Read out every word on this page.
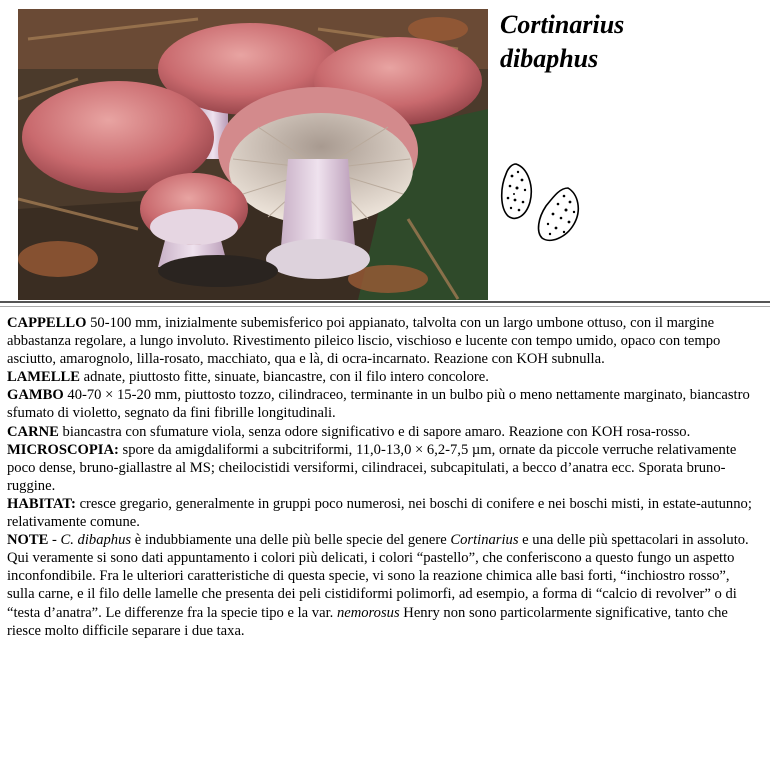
Cortinarius
dibaphus

CAPPELLO 50-100 mm, inizialmente subemisferico poi appianato, talvolta con un largo umbone ottuso, con il margine abbastanza regolare, a lungo involuto. Rivestimento pileico liscio, vischioso e lucente con tempo umido, opaco con tempo asciutto, amarognolo, lilla-rosato, macchiato, qua e là, di ocra-incarnato. Reazione con KOH subnulla.

LAMELLE adnate, piuttosto fitte, sinuate, biancastre, con il filo intero concolore.

GAMBO 40-70 × 15-20 mm, piuttosto tozzo, cilindraceo, terminante in un bulbo più o meno nettamente marginato, biancastro sfumato di violetto, segnato da fini fibrille longitudinali.

CARNE biancastra con sfumature viola, senza odore significativo e di sapore amaro. Reazione con KOH rosa-rosso.

MICROSCOPIA: spore da amigdaliformi a subcitriformi, 11,0-13,0 × 6,2-7,5 µm, ornate da piccole verruche relativamente poco dense, bruno-giallastre al MS; cheilocistidi versiformi, cilindracei, subcapitulati, a becco d’anatra ecc. Sporata bruno-ruggine.

HABITAT: cresce gregario, generalmente in gruppi poco numerosi, nei boschi di conifere e nei boschi misti, in estate-autunno; relativamente comune.

NOTE - C. dibaphus è indubbiamente una delle più belle specie del genere Cortinarius e una delle più spettacolari in assoluto. Qui veramente si sono dati appuntamento i colori più delicati, i colori “pastello”, che conferiscono a questo fungo un aspetto inconfondibile. Fra le ulteriori caratteristiche di questa specie, vi sono la reazione chimica alle basi forti, “inchiostro rosso”, sulla carne, e il filo delle lamelle che presenta dei peli cistidiformi polimorfi, ad esempio, a forma di “calcio di revolver” o di “testa d’anatra”. Le differenze fra la specie tipo e la var. nemorosus Henry non sono particolarmente significative, tanto che riesce molto difficile separare i due taxa.
